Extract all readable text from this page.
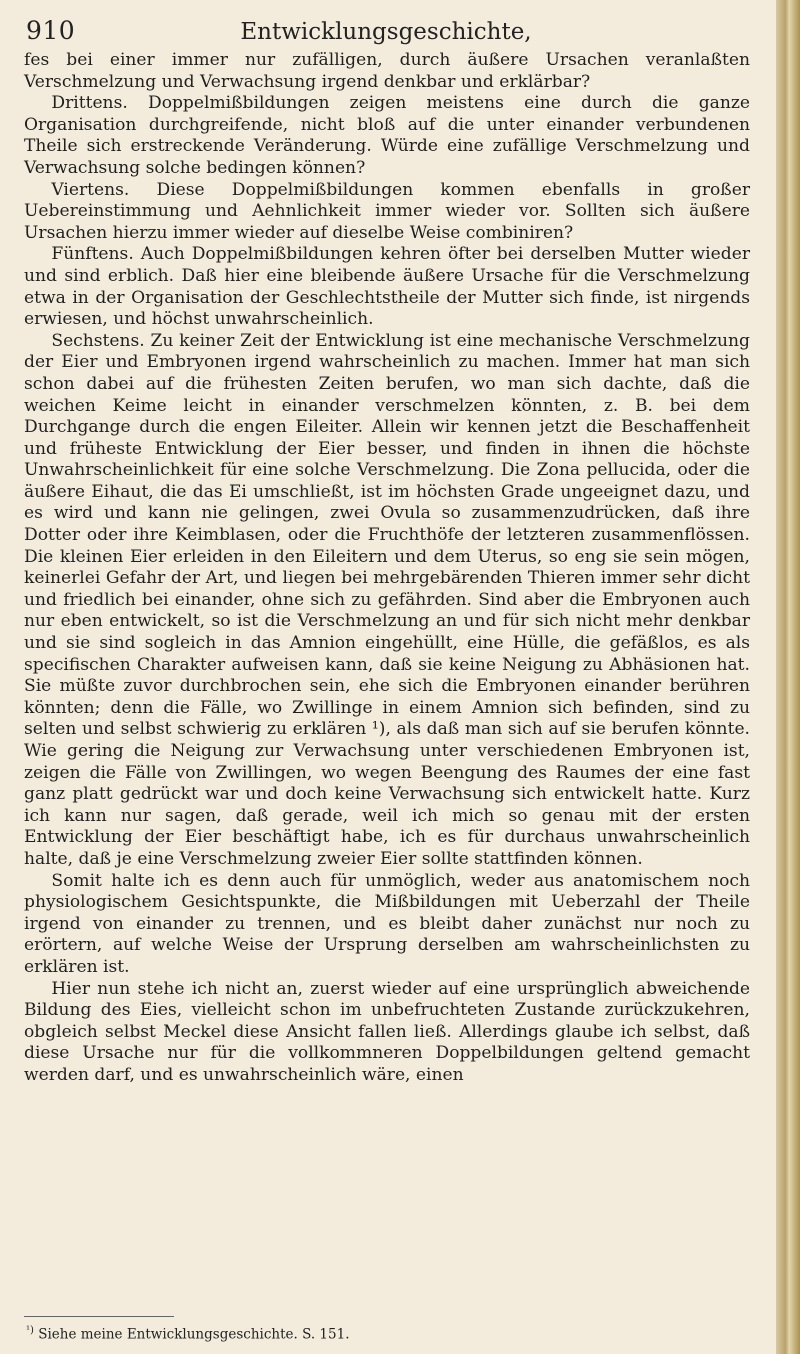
910	Entwicklungsgeschichte,

fes bei einer immer nur zufälligen, durch äußere Ursachen veranlaßten Verschmelzung und Verwachsung irgend denkbar und erklärbar?

Drittens. Doppelmißbildungen zeigen meistens eine durch die ganze Organisation durchgreifende, nicht bloß auf die unter einander verbundenen Theile sich erstreckende Veränderung. Würde eine zufällige Verschmelzung und Verwachsung solche bedingen können?

Viertens. Diese Doppelmißbildungen kommen ebenfalls in großer Uebereinstimmung und Aehnlichkeit immer wieder vor. Sollten sich äußere Ursachen hierzu immer wieder auf dieselbe Weise combiniren?

Fünftens. Auch Doppelmißbildungen kehren öfter bei derselben Mutter wieder und sind erblich. Daß hier eine bleibende äußere Ursache für die Verschmelzung etwa in der Organisation der Geschlechtstheile der Mutter sich finde, ist nirgends erwiesen, und höchst unwahrscheinlich.

Sechstens. Zu keiner Zeit der Entwicklung ist eine mechanische Verschmelzung der Eier und Embryonen irgend wahrscheinlich zu machen. Immer hat man sich schon dabei auf die frühesten Zeiten berufen, wo man sich dachte, daß die weichen Keime leicht in einander verschmelzen könnten, z. B. bei dem Durchgange durch die engen Eileiter. Allein wir kennen jetzt die Beschaffenheit und früheste Entwicklung der Eier besser, und finden in ihnen die höchste Unwahrscheinlichkeit für eine solche Verschmelzung. Die Zona pellucida, oder die äußere Eihaut, die das Ei umschließt, ist im höchsten Grade ungeeignet dazu, und es wird und kann nie gelingen, zwei Ovula so zusammenzudrücken, daß ihre Dotter oder ihre Keimblasen, oder die Fruchthöfe der letzteren zusammenflössen. Die kleinen Eier erleiden in den Eileitern und dem Uterus, so eng sie sein mögen, keinerlei Gefahr der Art, und liegen bei mehrgebärenden Thieren immer sehr dicht und friedlich bei einander, ohne sich zu gefährden. Sind aber die Embryonen auch nur eben entwickelt, so ist die Verschmelzung an und für sich nicht mehr denkbar und sie sind sogleich in das Amnion eingehüllt, eine Hülle, die gefäßlos, es als specifischen Charakter aufweisen kann, daß sie keine Neigung zu Abhäsionen hat. Sie müßte zuvor durchbrochen sein, ehe sich die Embryonen einander berühren könnten; denn die Fälle, wo Zwillinge in einem Amnion sich befinden, sind zu selten und selbst schwierig zu erklären ¹), als daß man sich auf sie berufen könnte. Wie gering die Neigung zur Verwachsung unter verschiedenen Embryonen ist, zeigen die Fälle von Zwillingen, wo wegen Beengung des Raumes der eine fast ganz platt gedrückt war und doch keine Verwachsung sich entwickelt hatte. Kurz ich kann nur sagen, daß gerade, weil ich mich so genau mit der ersten Entwicklung der Eier beschäftigt habe, ich es für durchaus unwahrscheinlich halte, daß je eine Verschmelzung zweier Eier sollte stattfinden können.

Somit halte ich es denn auch für unmöglich, weder aus anatomischem noch physiologischem Gesichtspunkte, die Mißbildungen mit Ueberzahl der Theile irgend von einander zu trennen, und es bleibt daher zunächst nur noch zu erörtern, auf welche Weise der Ursprung derselben am wahrscheinlichsten zu erklären ist.

Hier nun stehe ich nicht an, zuerst wieder auf eine ursprünglich abweichende Bildung des Eies, vielleicht schon im unbefruchteten Zustande zurückzukehren, obgleich selbst Meckel diese Ansicht fallen ließ. Allerdings glaube ich selbst, daß diese Ursache nur für die vollkommneren Doppelbildungen geltend gemacht werden darf, und es unwahrscheinlich wäre, einen

$^{^1)}$ Siehe meine Entwicklungsgeschichte. S. 151.
